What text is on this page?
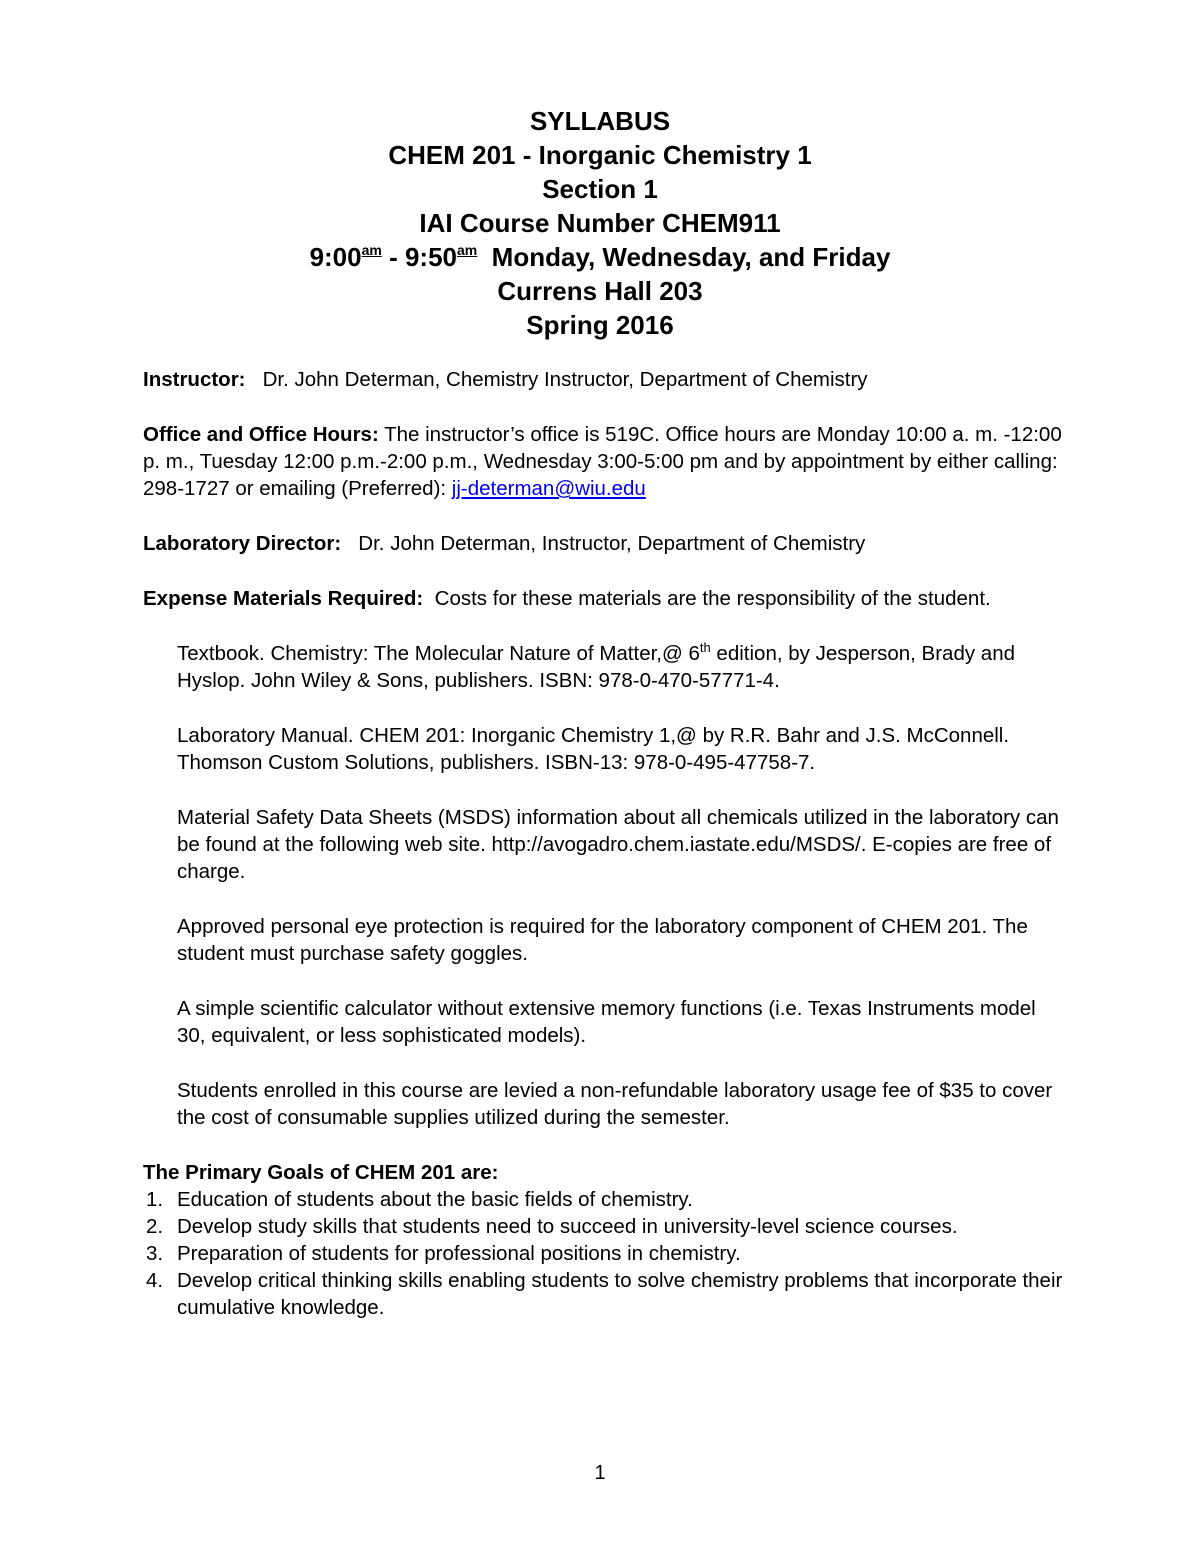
SYLLABUS
CHEM 201 - Inorganic Chemistry 1
Section 1
IAI Course Number CHEM911
$9:00^{am}$ - $9:50^{am}$  Monday, Wednesday, and Friday
Currens Hall 203
Spring 2016

Instructor:   Dr. John Determan, Chemistry Instructor, Department of Chemistry

Office and Office Hours: The instructor’s office is 519C. Office hours are Monday 10:00 a. m. -12:00 p. m., Tuesday 12:00 p.m.-2:00 p.m., Wednesday 3:00-5:00 pm and by appointment by either calling: 298-1727 or emailing (Preferred): jj-determan@wiu.edu

Laboratory Director:   Dr. John Determan, Instructor, Department of Chemistry

Expense Materials Required:  Costs for these materials are the responsibility of the student.

Textbook. Chemistry: The Molecular Nature of Matter,@ 6th edition, by Jesperson, Brady and Hyslop. John Wiley & Sons, publishers. ISBN: 978-0-470-57771-4.

Laboratory Manual. CHEM 201: Inorganic Chemistry 1,@ by R.R. Bahr and J.S. McConnell. Thomson Custom Solutions, publishers. ISBN-13: 978-0-495-47758-7.

Material Safety Data Sheets (MSDS) information about all chemicals utilized in the laboratory can be found at the following web site. http://avogadro.chem.iastate.edu/MSDS/. E-copies are free of charge.

Approved personal eye protection is required for the laboratory component of CHEM 201. The student must purchase safety goggles.

A simple scientific calculator without extensive memory functions (i.e. Texas Instruments model 30, equivalent, or less sophisticated models).

Students enrolled in this course are levied a non-refundable laboratory usage fee of $35 to cover the cost of consumable supplies utilized during the semester.

The Primary Goals of CHEM 201 are:

1. Education of students about the basic fields of chemistry.
2. Develop study skills that students need to succeed in university-level science courses.
3. Preparation of students for professional positions in chemistry.
4. Develop critical thinking skills enabling students to solve chemistry problems that incorporate their cumulative knowledge.
1
